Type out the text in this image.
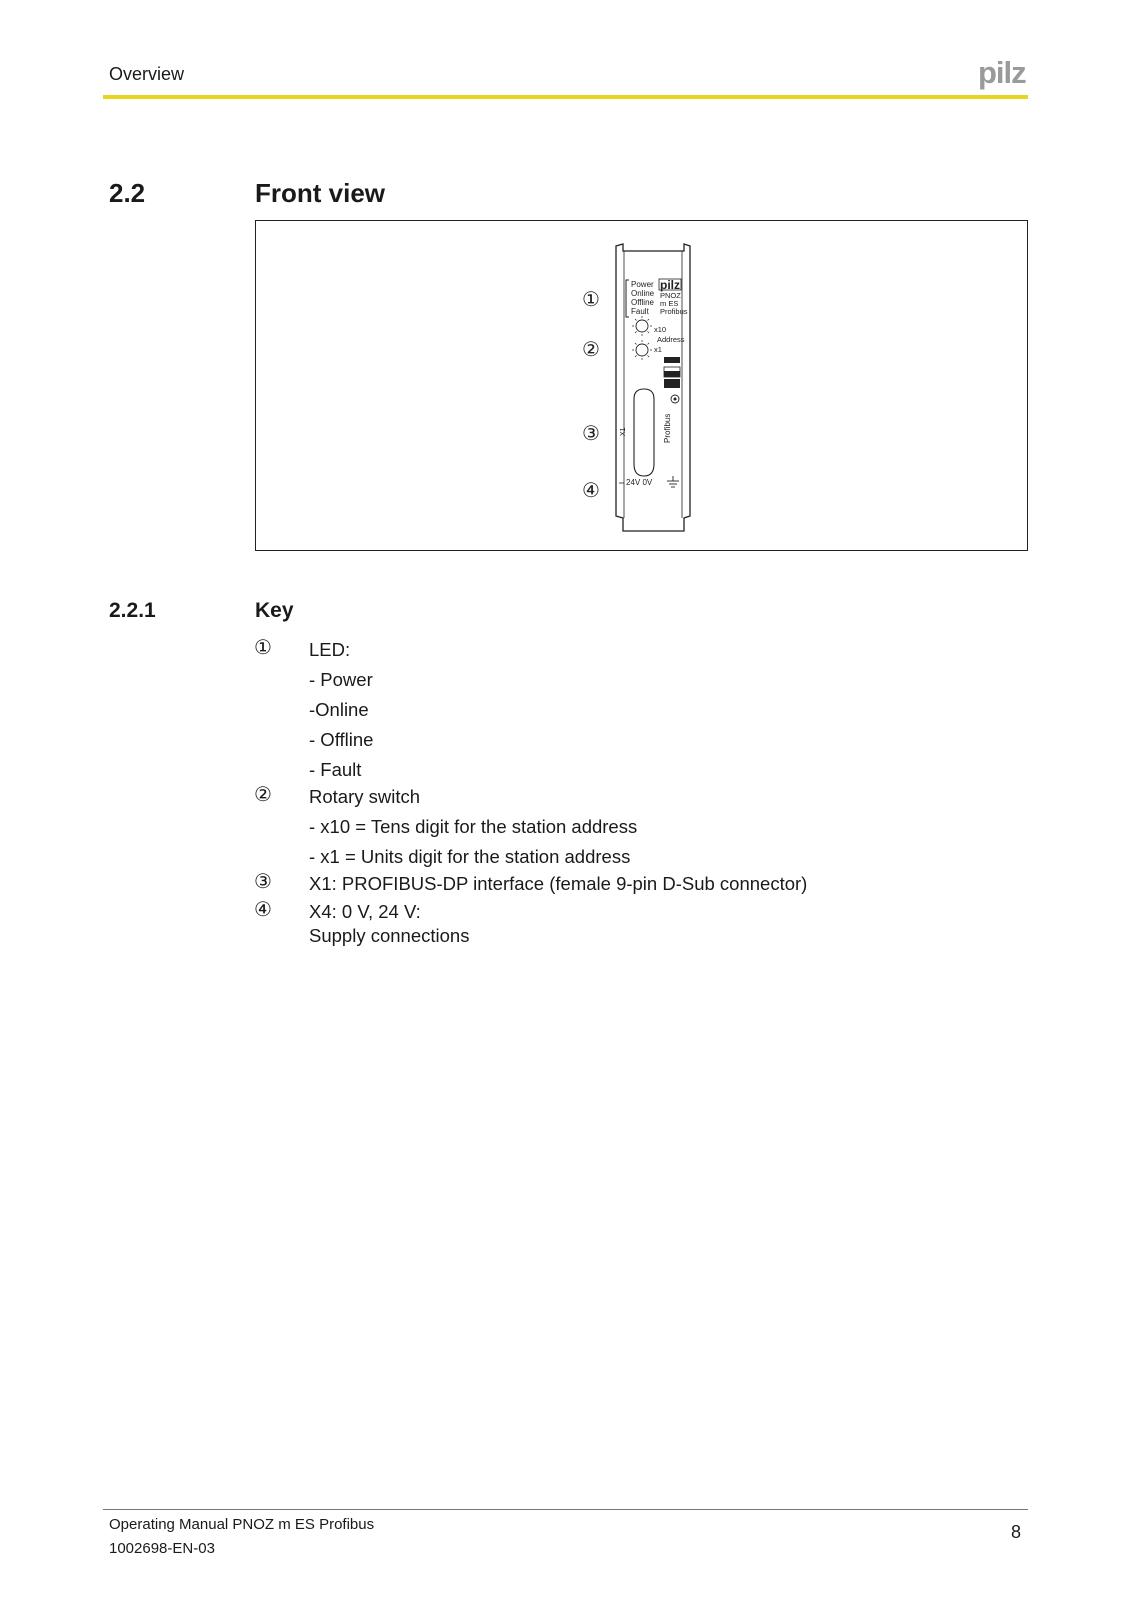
Overview	pilz
2.2	Front view
Power
Online
Offline
Fault
pilz
PNOZ
m ES
Profibus
x10
Address
x1
X1	Profibus
24V 0V
①
②
③
④
2.2.1	Key
① LED:
- Power
-Online
- Offline
- Fault
② Rotary switch
- x10 = Tens digit for the station address
- x1 = Units digit for the station address
③ X1: PROFIBUS-DP interface (female 9-pin D-Sub connector)
④ X4: 0 V, 24 V:
Supply connections
Operating Manual PNOZ m ES Profibus
1002698-EN-03
8
